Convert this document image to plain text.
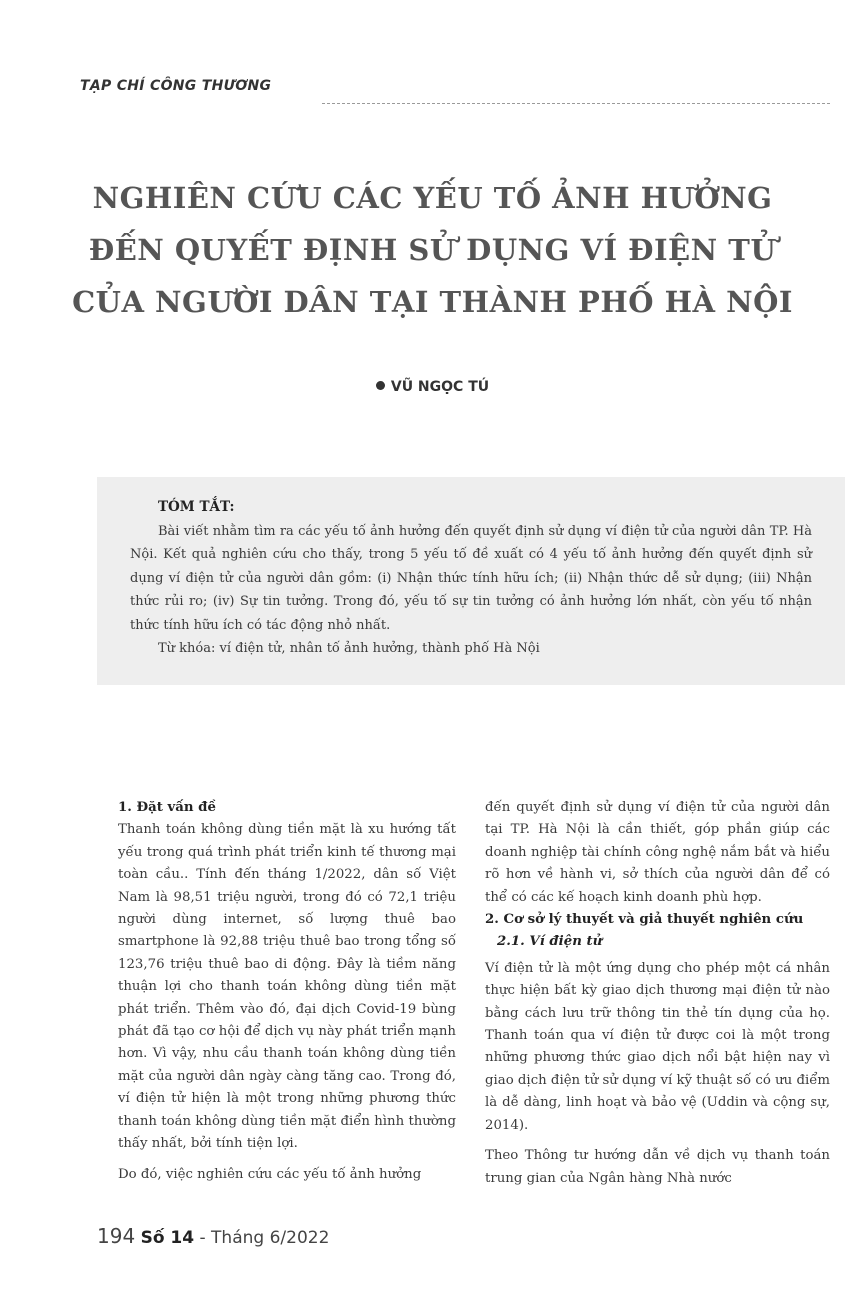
TẠP CHÍ CÔNG THƯƠNG
NGHIÊN CỨU CÁC YẾU TỐ ẢNH HƯỞNG
ĐẾN QUYẾT ĐỊNH SỬ DỤNG VÍ ĐIỆN TỬ
CỦA NGƯỜI DÂN TẠI THÀNH PHỐ HÀ NỘI
VŨ NGỌC TÚ
TÓM TẮT:

Bài viết nhằm tìm ra các yếu tố ảnh hưởng đến quyết định sử dụng ví điện tử của người dân TP. Hà Nội. Kết quả nghiên cứu cho thấy, trong 5 yếu tố đề xuất có 4 yếu tố ảnh hưởng đến quyết định sử dụng ví điện tử của người dân gồm: (i) Nhận thức tính hữu ích; (ii) Nhận thức dễ sử dụng; (iii) Nhận thức rủi ro; (iv) Sự tin tưởng. Trong đó, yếu tố sự tin tưởng có ảnh hưởng lớn nhất, còn yếu tố nhận thức tính hữu ích có tác động nhỏ nhất.

Từ khóa: ví điện tử, nhân tố ảnh hưởng, thành phố Hà Nội

1. Đặt vấn đề

Thanh toán không dùng tiền mặt là xu hướng tất yếu trong quá trình phát triển kinh tế thương mại toàn cầu.. Tính đến tháng 1/2022, dân số Việt Nam là 98,51 triệu người, trong đó có 72,1 triệu người dùng internet, số lượng thuê bao smartphone là 92,88 triệu thuê bao trong tổng số 123,76 triệu thuê bao di động. Đây là tiềm năng thuận lợi cho thanh toán không dùng tiền mặt phát triển. Thêm vào đó, đại dịch Covid-19 bùng phát đã tạo cơ hội để dịch vụ này phát triển mạnh hơn. Vì vậy, nhu cầu thanh toán không dùng tiền mặt của người dân ngày càng tăng cao. Trong đó, ví điện tử hiện là một trong những phương thức thanh toán không dùng tiền mặt điển hình thường thấy nhất, bởi tính tiện lợi.

Do đó, việc nghiên cứu các yếu tố ảnh hưởng

đến quyết định sử dụng ví điện tử của người dân tại TP. Hà Nội là cần thiết, góp phần giúp các doanh nghiệp tài chính công nghệ nắm bắt và hiểu rõ hơn về hành vi, sở thích của người dân để có thể có các kế hoạch kinh doanh phù hợp.

2. Cơ sở lý thuyết và giả thuyết nghiên cứu

2.1. Ví điện tử

Ví điện tử là một ứng dụng cho phép một cá nhân thực hiện bất kỳ giao dịch thương mại điện tử nào bằng cách lưu trữ thông tin thẻ tín dụng của họ. Thanh toán qua ví điện tử được coi là một trong những phương thức giao dịch nổi bật hiện nay vì giao dịch điện tử sử dụng ví kỹ thuật số có ưu điểm là dễ dàng, linh hoạt và bảo vệ (Uddin và cộng sự, 2014).

Theo Thông tư hướng dẫn về dịch vụ thanh toán trung gian của Ngân hàng Nhà nước

194 Số 14 - Tháng 6/2022
